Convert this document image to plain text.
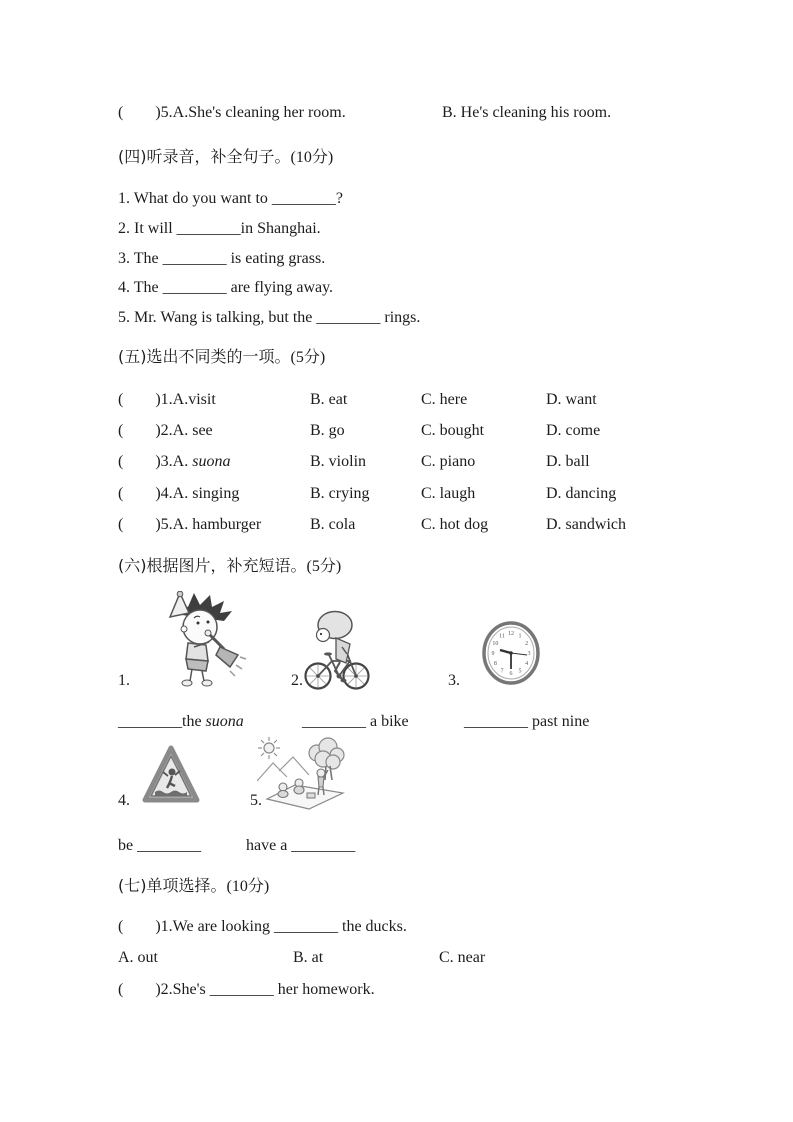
(        )5.A.She's cleaning her room.	B. He's cleaning his room.
(四)听录音，补全句子。(10分)
1. What do you want to ________?
2. It will ________in Shanghai.
3. The ________ is eating grass.
4. The ________ are flying away.
5. Mr. Wang is talking, but the ________ rings.
(五)选出不同类的一项。(5分)
(        )1.A.visit	B. eat	C. here	D. want
(        )2.A. see	B. go	C. bought	D. come
(        )3.A. suona	B. violin	C. piano	D. ball
(        )4.A. singing	B. crying	C. laugh	D. dancing
(        )5.A. hamburger	B. cola	C. hot dog	D. sandwich
(六)根据图片，补充短语。(5分)
12 1
2
3
4
5
6
7
8
9
10
11
1.	2.	3.
________the suona	________ a bike	________ past nine
4.	5.
be ________	have a ________
(七)单项选择。(10分)
(        )1.We are looking ________ the ducks.
A. out	B. at	C. near
(        )2.She's ________ her homework.
